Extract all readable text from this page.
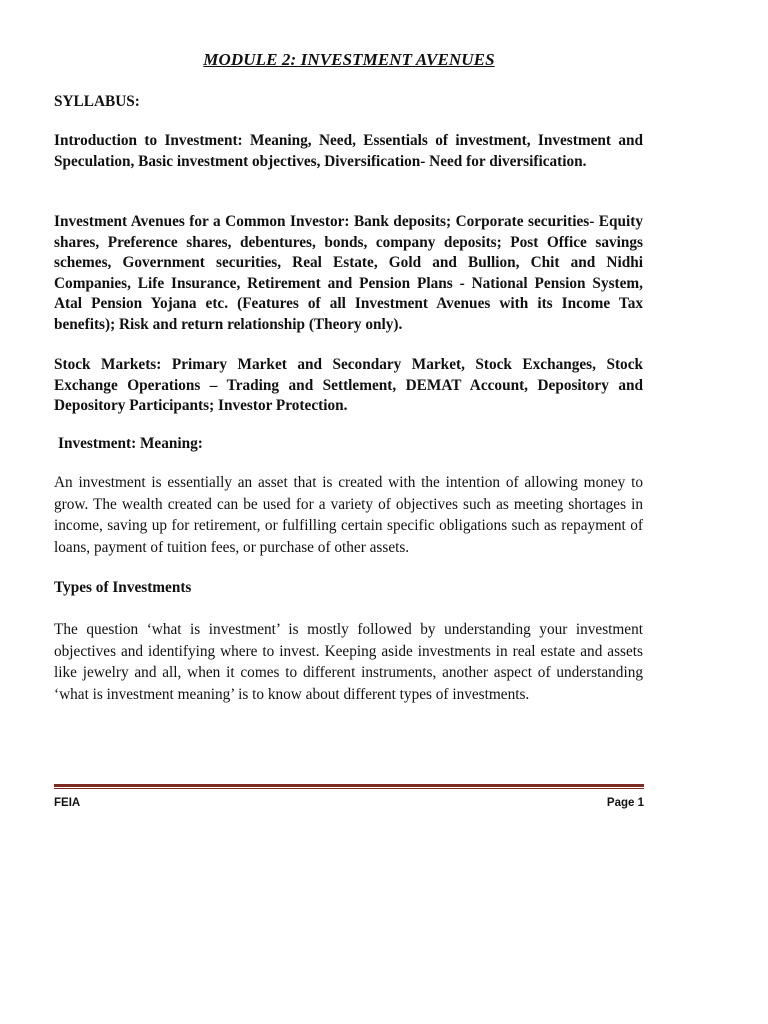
MODULE 2: INVESTMENT AVENUES

SYLLABUS:

Introduction to Investment: Meaning, Need, Essentials of investment, Investment and Speculation, Basic investment objectives, Diversification- Need for diversification.

Investment Avenues for a Common Investor: Bank deposits; Corporate securities- Equity shares, Preference shares, debentures, bonds, company deposits; Post Office savings schemes, Government securities, Real Estate, Gold and Bullion, Chit and Nidhi Companies, Life Insurance, Retirement and Pension Plans - National Pension System, Atal Pension Yojana etc. (Features of all Investment Avenues with its Income Tax benefits); Risk and return relationship (Theory only).

Stock Markets: Primary Market and Secondary Market, Stock Exchanges, Stock Exchange Operations – Trading and Settlement, DEMAT Account, Depository and Depository Participants; Investor Protection.

Investment: Meaning:

An investment is essentially an asset that is created with the intention of allowing money to grow. The wealth created can be used for a variety of objectives such as meeting shortages in income, saving up for retirement, or fulfilling certain specific obligations such as repayment of loans, payment of tuition fees, or purchase of other assets.

Types of Investments

The question ‘what is investment’ is mostly followed by understanding your investment objectives and identifying where to invest. Keeping aside investments in real estate and assets like jewelry and all, when it comes to different instruments, another aspect of understanding ‘what is investment meaning’ is to know about different types of investments.

FEIA	Page 1
